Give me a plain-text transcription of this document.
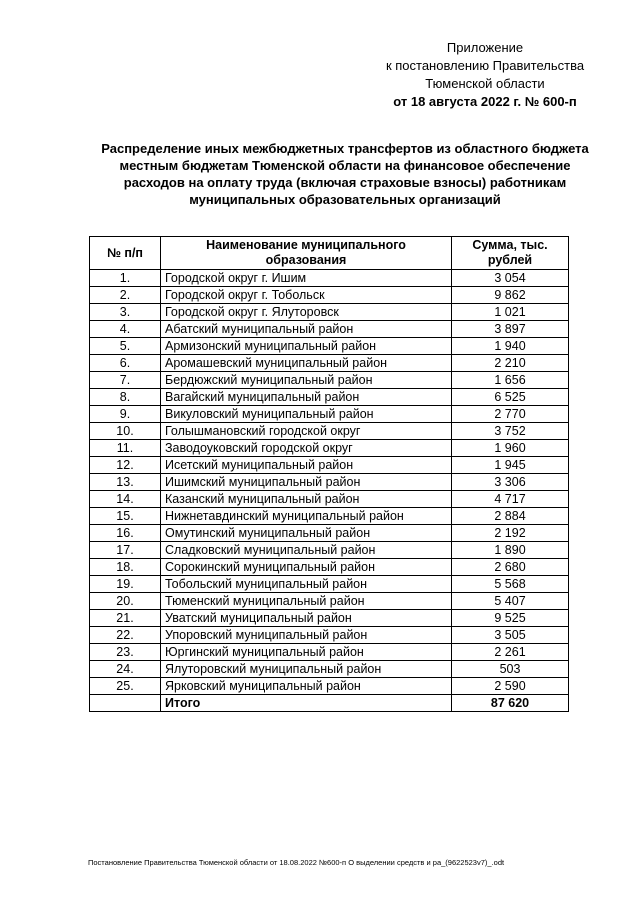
Приложение
к постановлению Правительства
Тюменской области
от 18 августа 2022 г. № 600-п
Распределение иных межбюджетных трансфертов из областного бюджета местным бюджетам Тюменской области на финансовое обеспечение расходов на оплату труда (включая страховые взносы) работникам муниципальных образовательных организаций
№ п/п	Наименование муниципального образования	Сумма, тыс. рублей
1.	Городской округ г. Ишим	3 054
2.	Городской округ г. Тобольск	9 862
3.	Городской округ г. Ялуторовск	1 021
4.	Абатский муниципальный район	3 897
5.	Армизонский муниципальный район	1 940
6.	Аромашевский муниципальный район	2 210
7.	Бердюжский муниципальный район	1 656
8.	Вагайский муниципальный район	6 525
9.	Викуловский муниципальный район	2 770
10.	Голышмановский городской округ	3 752
11.	Заводоуковский городской округ	1 960
12.	Исетский муниципальный район	1 945
13.	Ишимский муниципальный район	3 306
14.	Казанский муниципальный район	4 717
15.	Нижнетавдинский муниципальный район	2 884
16.	Омутинский муниципальный район	2 192
17.	Сладковский муниципальный район	1 890
18.	Сорокинский муниципальный район	2 680
19.	Тобольский муниципальный район	5 568
20.	Тюменский муниципальный район	5 407
21.	Уватский муниципальный район	9 525
22.	Упоровский муниципальный район	3 505
23.	Юргинский муниципальный район	2 261
24.	Ялуторовский муниципальный район	503
25.	Ярковский муниципальный район	2 590
	Итого	87 620
Постановление Правительства Тюменской области от 18.08.2022 №600-п О выделении средств и ра_(9622523v7)_.odt
